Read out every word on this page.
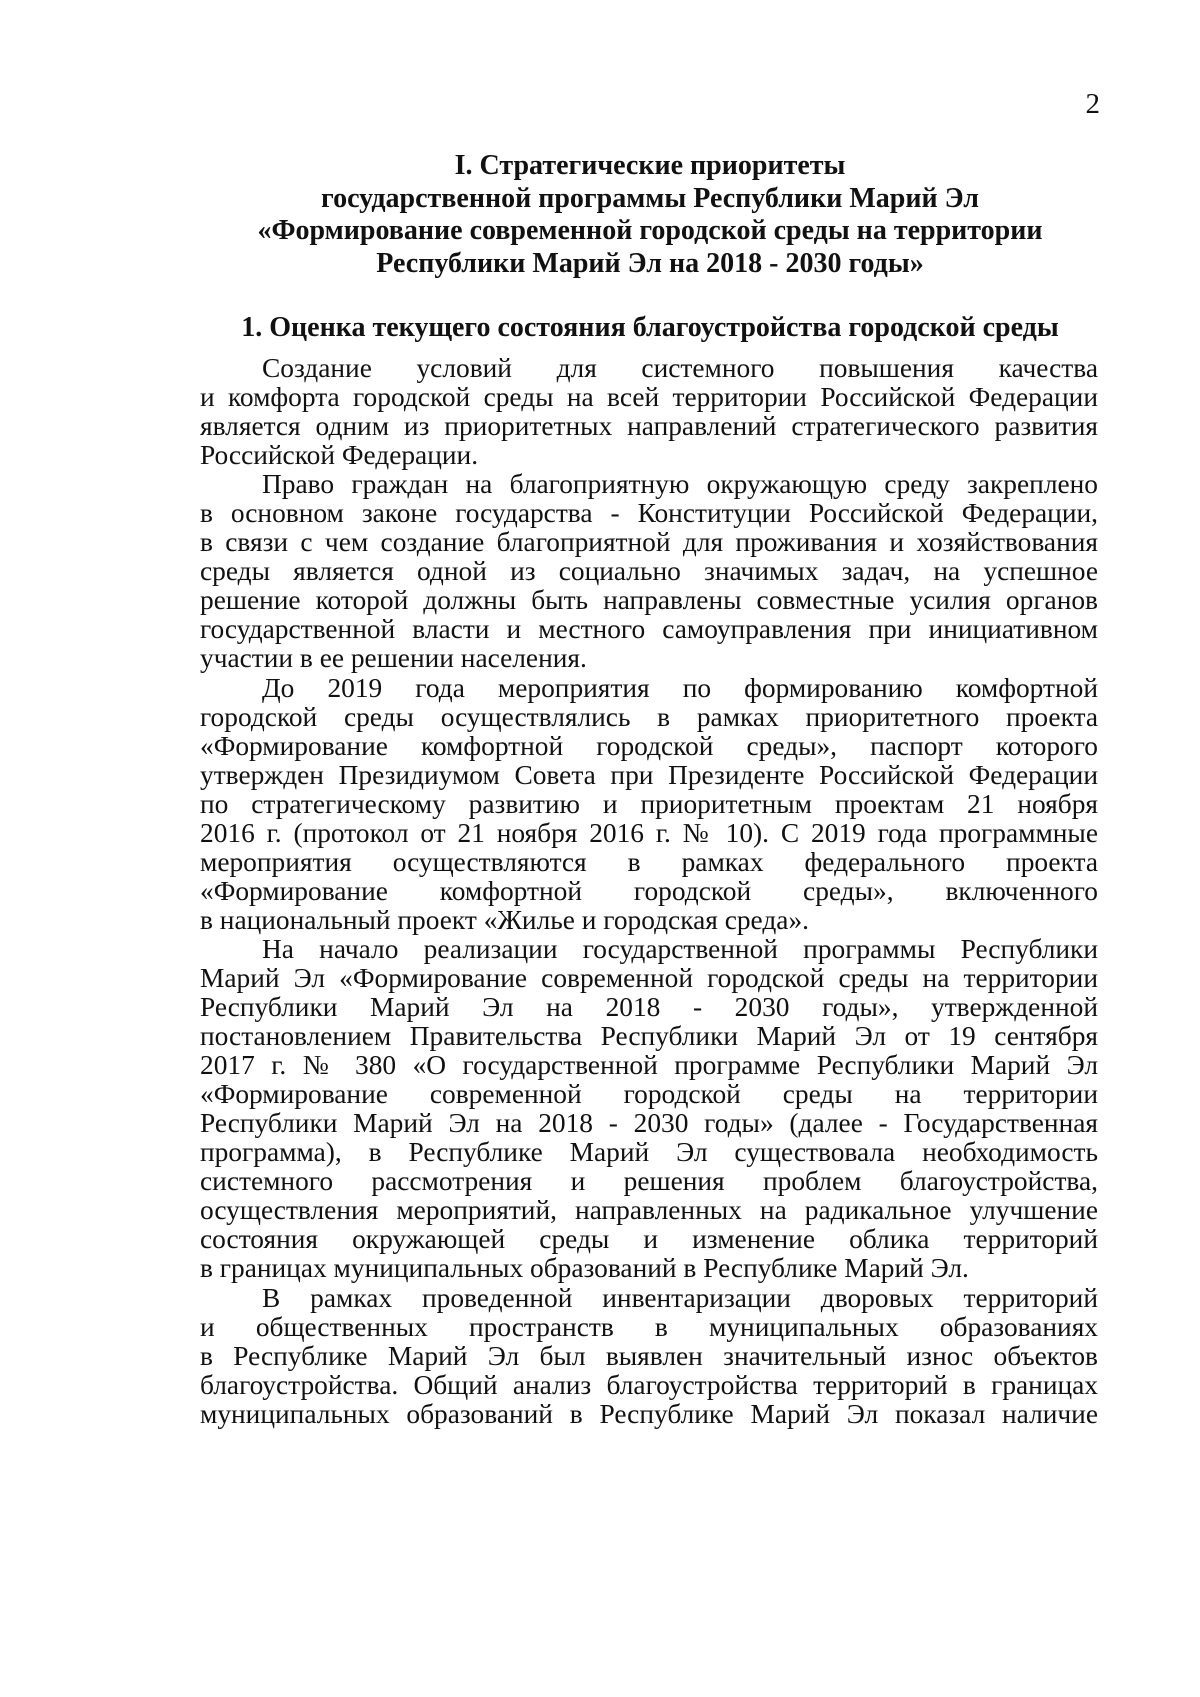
2
I. Стратегические приоритеты
государственной программы Республики Марий Эл
«Формирование современной городской среды на территории
Республики Марий Эл на 2018 - 2030 годы»
1. Оценка текущего состояния благоустройства городской среды
Создание условий для системного повышения качества
и комфорта городской среды на всей территории Российской Федерации
является одним из приоритетных направлений стратегического развития
Российской Федерации.
Право граждан на благоприятную окружающую среду закреплено
в основном законе государства - Конституции Российской Федерации,
в связи с чем создание благоприятной для проживания и хозяйствования
среды является одной из социально значимых задач, на успешное
решение которой должны быть направлены совместные усилия органов
государственной власти и местного самоуправления при инициативном
участии в ее решении населения.
До 2019 года мероприятия по формированию комфортной
городской среды осуществлялись в рамках приоритетного проекта
«Формирование комфортной городской среды», паспорт которого
утвержден Президиумом Совета при Президенте Российской Федерации
по стратегическому развитию и приоритетным проектам 21 ноября
2016 г. (протокол от 21 ноября 2016 г. № 10). С 2019 года программные
мероприятия осуществляются в рамках федерального проекта
«Формирование комфортной городской среды», включенного
в национальный проект «Жилье и городская среда».
На начало реализации государственной программы Республики
Марий Эл «Формирование современной городской среды на территории
Республики Марий Эл на 2018 - 2030 годы», утвержденной
постановлением Правительства Республики Марий Эл от 19 сентября
2017 г. № 380 «О государственной программе Республики Марий Эл
«Формирование современной городской среды на территории
Республики Марий Эл на 2018 - 2030 годы» (далее - Государственная
программа), в Республике Марий Эл существовала необходимость
системного рассмотрения и решения проблем благоустройства,
осуществления мероприятий, направленных на радикальное улучшение
состояния окружающей среды и изменение облика территорий
в границах муниципальных образований в Республике Марий Эл.
В рамках проведенной инвентаризации дворовых территорий
и общественных пространств в муниципальных образованиях
в Республике Марий Эл был выявлен значительный износ объектов
благоустройства. Общий анализ благоустройства территорий в границах
муниципальных образований в Республике Марий Эл показал наличие
